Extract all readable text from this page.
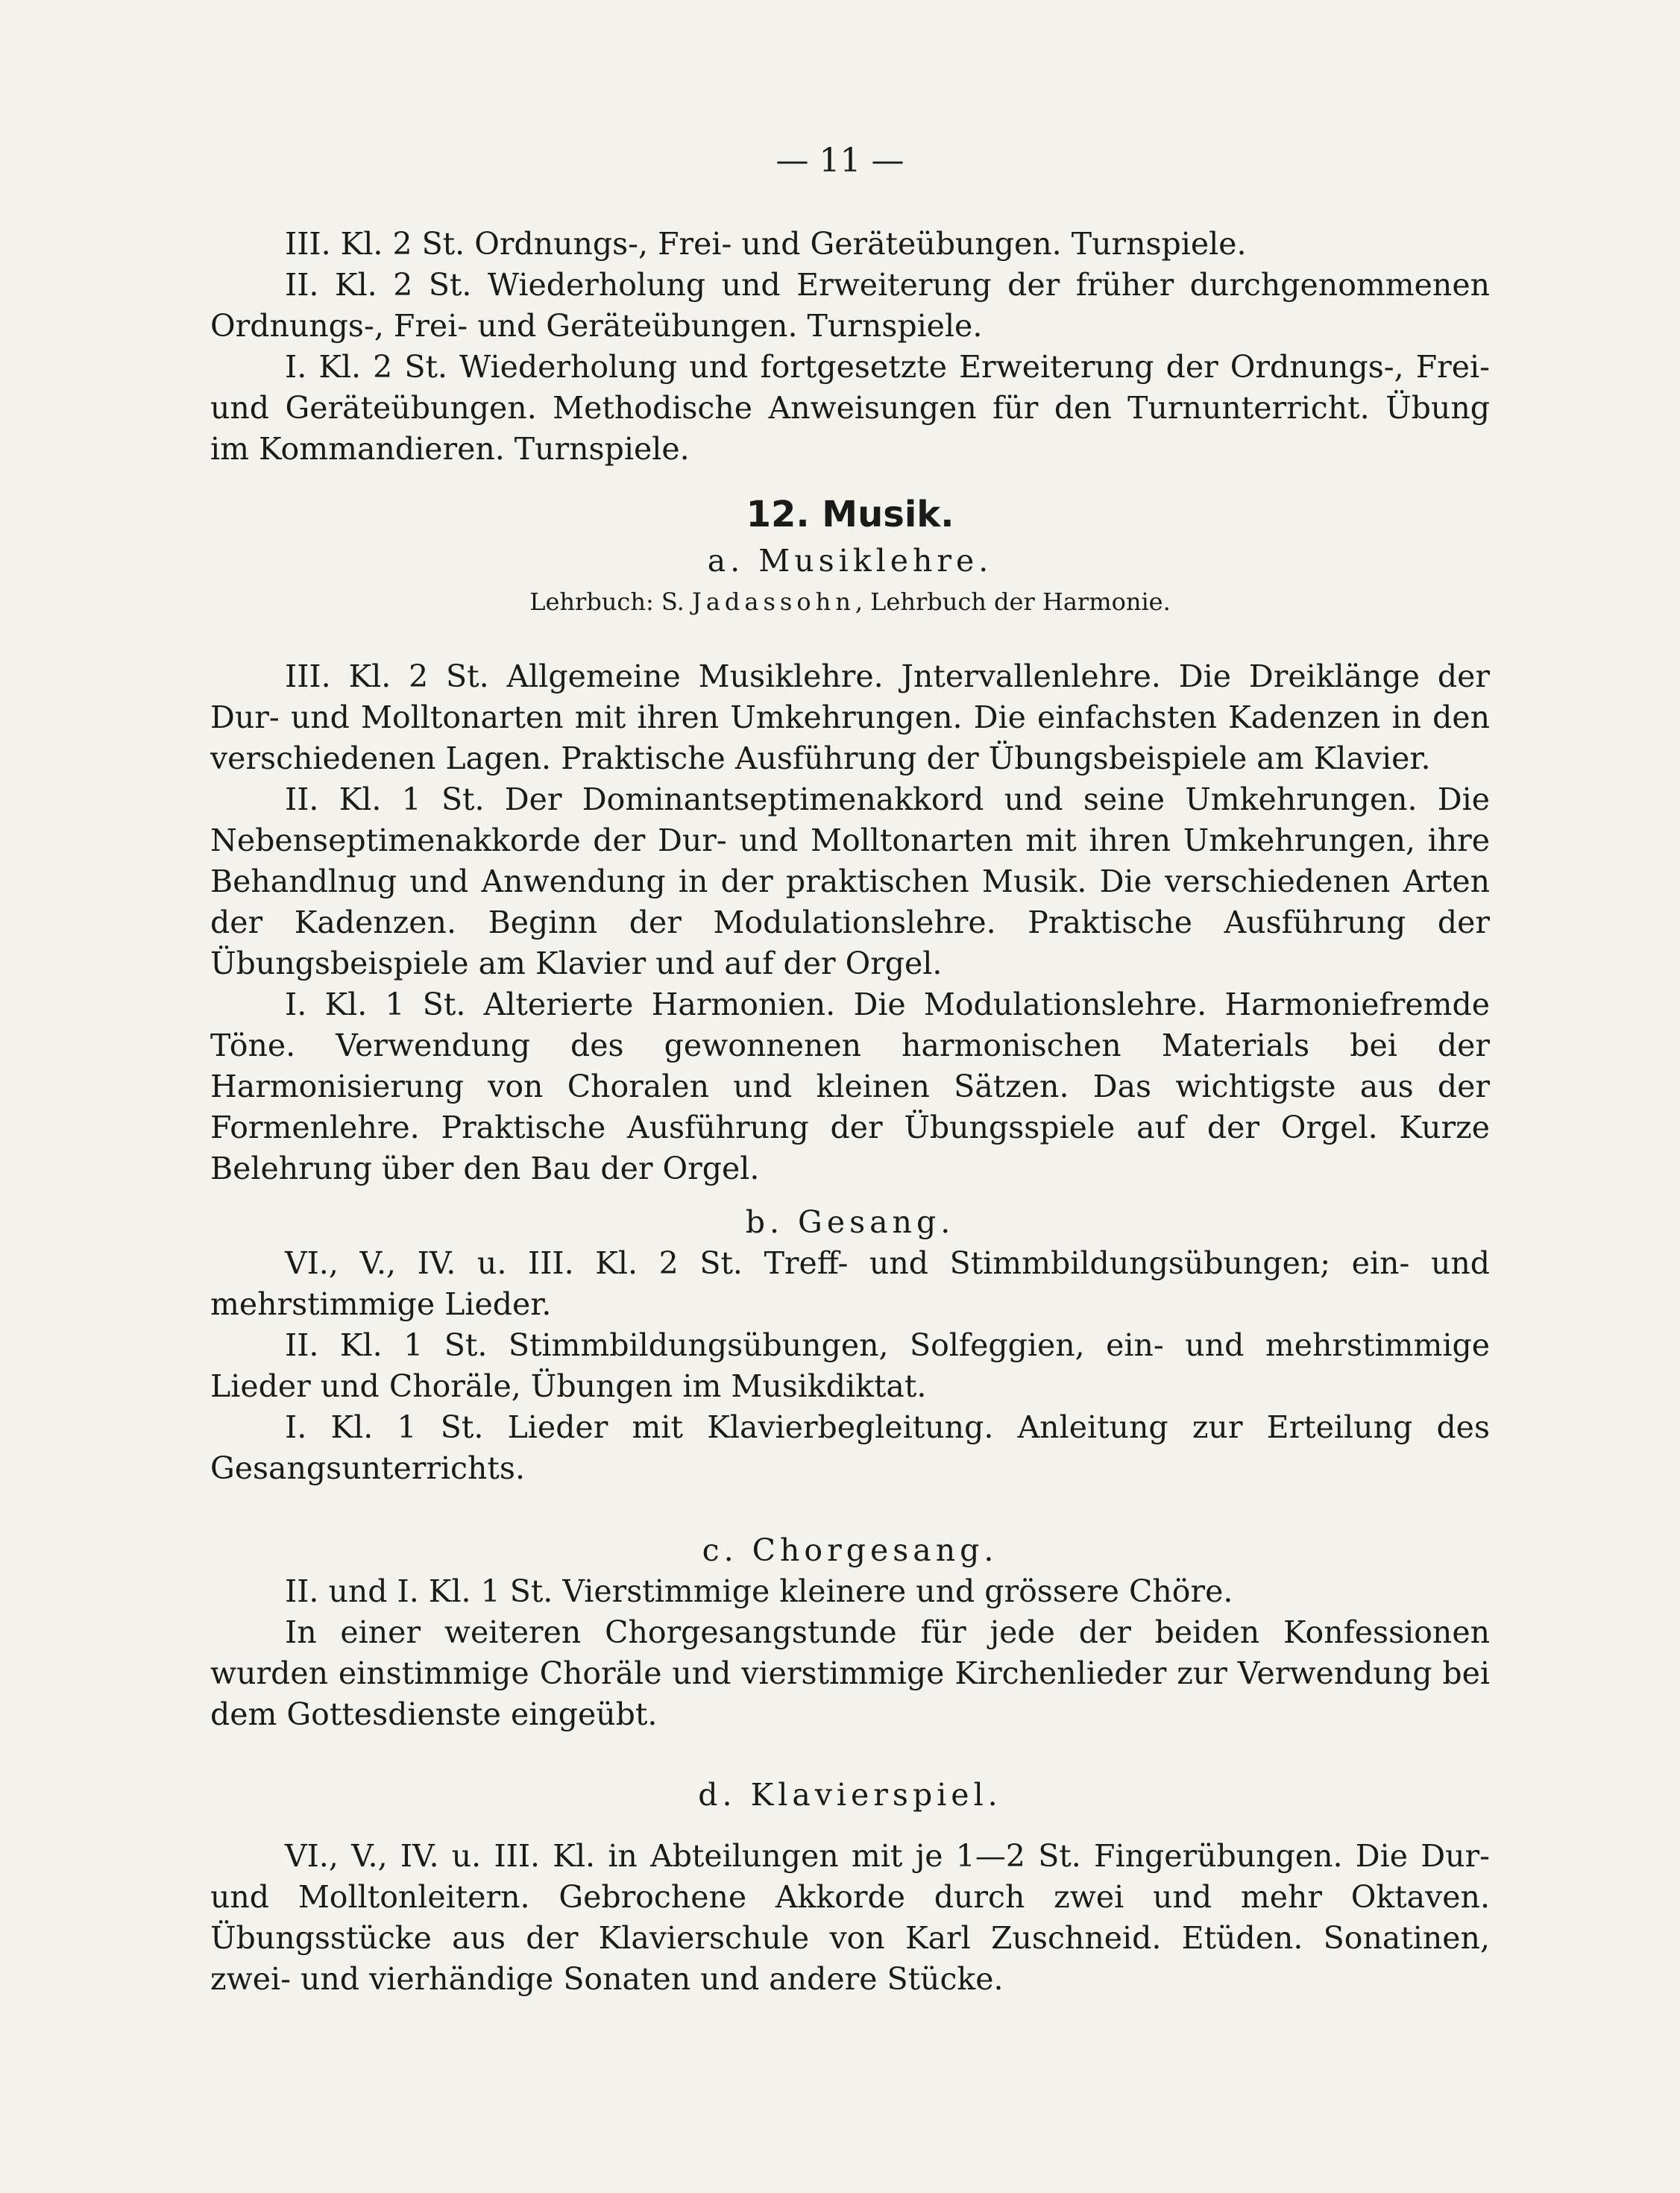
— 11 —

III. Kl. 2 St. Ordnungs-, Frei- und Geräteübungen. Turnspiele.

II. Kl. 2 St. Wiederholung und Erweiterung der früher durchgenommenen Ordnungs-, Frei- und Geräteübungen. Turnspiele.

I. Kl. 2 St. Wiederholung und fortgesetzte Erweiterung der Ordnungs-, Frei- und Geräteübungen. Methodische Anweisungen für den Turnunterricht. Übung im Kommandieren. Turnspiele.

12. Musik.

a. Musiklehre.

Lehrbuch: S. Jadassohn, Lehrbuch der Harmonie.

III. Kl. 2 St. Allgemeine Musiklehre. Jntervallenlehre. Die Dreiklänge der Dur- und Molltonarten mit ihren Umkehrungen. Die einfachsten Kadenzen in den verschiedenen Lagen. Praktische Ausführung der Übungsbeispiele am Klavier.

II. Kl. 1 St. Der Dominantseptimenakkord und seine Umkehrungen. Die Nebenseptimenakkorde der Dur- und Molltonarten mit ihren Umkehrungen, ihre Behandlnug und Anwendung in der praktischen Musik. Die verschiedenen Arten der Kadenzen. Beginn der Modulationslehre. Praktische Ausführung der Übungsbeispiele am Klavier und auf der Orgel.

I. Kl. 1 St. Alterierte Harmonien. Die Modulationslehre. Harmoniefremde Töne. Verwendung des gewonnenen harmonischen Materials bei der Harmonisierung von Choralen und kleinen Sätzen. Das wichtigste aus der Formenlehre. Praktische Ausführung der Übungsspiele auf der Orgel. Kurze Belehrung über den Bau der Orgel.

b. Gesang.

VI., V., IV. u. III. Kl. 2 St. Treff- und Stimmbildungsübungen; ein- und mehrstimmige Lieder.

II. Kl. 1 St. Stimmbildungsübungen, Solfeggien, ein- und mehrstimmige Lieder und Choräle, Übungen im Musikdiktat.

I. Kl. 1 St. Lieder mit Klavierbegleitung. Anleitung zur Erteilung des Gesangsunterrichts.

c. Chorgesang.

II. und I. Kl. 1 St. Vierstimmige kleinere und grössere Chöre.

In einer weiteren Chorgesangstunde für jede der beiden Konfessionen wurden einstimmige Choräle und vierstimmige Kirchenlieder zur Verwendung bei dem Gottesdienste eingeübt.

d. Klavierspiel.

VI., V., IV. u. III. Kl. in Abteilungen mit je 1—2 St. Fingerübungen. Die Dur- und Molltonleitern. Gebrochene Akkorde durch zwei und mehr Oktaven. Übungsstücke aus der Klavierschule von Karl Zuschneid. Etüden. Sonatinen, zwei- und vierhändige Sonaten und andere Stücke.
